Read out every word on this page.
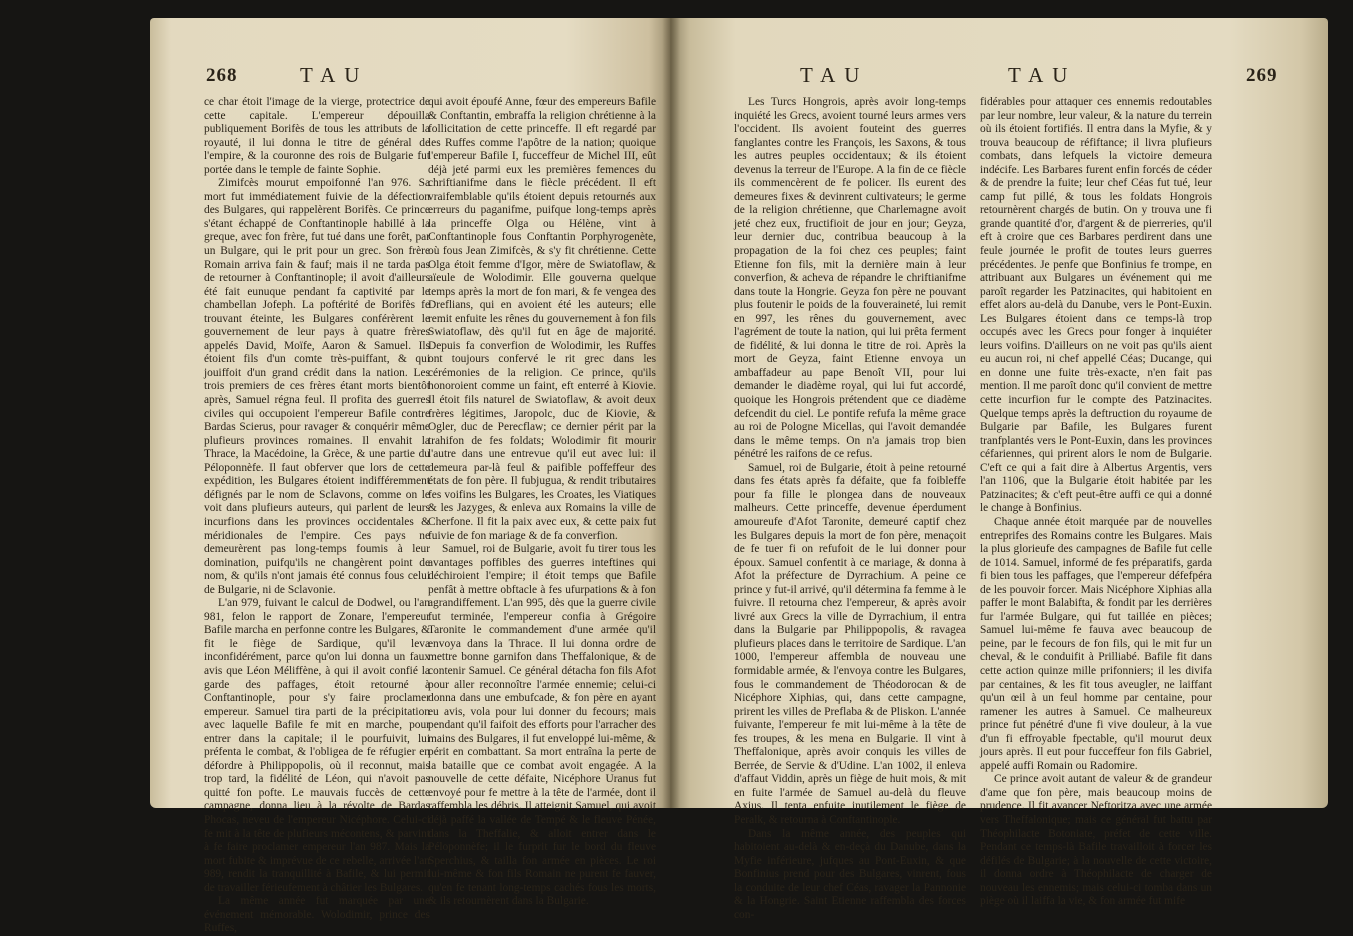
268	TAU

ce char étoit l'image de la vierge, protectrice de cette capitale. L'empereur dépouilla publiquement Borifès de tous les attributs de la royauté, il lui donna le titre de général de l'empire, & la couronne des rois de Bulgarie fut portée dans le temple de fainte Sophie.

Zimifcès mourut empoifonné l'an 976. Sa mort fut immédiatement fuivie de la défection des Bulgares, qui rappelèrent Borifès. Ce prince s'étant échappé de Conftantinople habillé à la greque, avec fon frère, fut tué dans une forêt, par un Bulgare, qui le prit pour un grec. Son frère Romain arriva fain & fauf; mais il ne tarda pas de retourner à Conftantinople; il avoit d'ailleurs été fait eunuque pendant fa captivité par le chambellan Jofeph. La poftérité de Borifès fe trouvant éteinte, les Bulgares conférèrent le gouvernement de leur pays à quatre frères appelés David, Moïfe, Aaron & Samuel. Ils étoient fils d'un comte très-puiffant, & qui jouiffoit d'un grand crédit dans la nation. Les trois premiers de ces frères étant morts bientôt après, Samuel régna feul. Il profita des guerres civiles qui occupoient l'empereur Bafile contre Bardas Scierus, pour ravager & conquérir même plufieurs provinces romaines. Il envahit la Thrace, la Macédoine, la Grèce, & une partie du Péloponnèfe. Il faut obferver que lors de cette expédition, les Bulgares étoient indifféremment défignés par le nom de Sclavons, comme on le voit dans plufieurs auteurs, qui parlent de leurs incurfions dans les provinces occidentales & méridionales de l'empire. Ces pays ne demeurèrent pas long-temps foumis à leur domination, puifqu'ils ne changèrent point de nom, & qu'ils n'ont jamais été connus fous celui de Bulgarie, ni de Sclavonie.

L'an 979, fuivant le calcul de Dodwel, ou l'an 981, felon le rapport de Zonare, l'empereur Bafile marcha en perfonne contre les Bulgares, & fit le fiège de Sardique, qu'il leva inconfidérément, parce qu'on lui donna un faux avis que Léon Méliffène, à qui il avoit confié la garde des paffages, étoit retourné à Conftantinople, pour s'y faire proclamer empereur. Samuel tira parti de la précipitation avec laquelle Bafile fe mit en marche, pour entrer dans la capitale; il le pourfuivit, lui préfenta le combat, & l'obligea de fe réfugier en défordre à Philippopolis, où il reconnut, mais trop tard, la fidélité de Léon, qui n'avoit pas quitté fon pofte. Le mauvais fuccès de cette campagne, donna lieu à la révolte de Bardas Phocas, neveu de l'empereur Nicéphore. Celui-ci fe mit à la tête de plufieurs mécontens, & parvint à fe faire proclamer empereur l'an 987. Mais la mort fubite & imprévue de ce rebelle, arrivée l'an 989, rendit la tranquillité à Bafile, & lui permit de travailler férieufement à châtier les Bulgares.

La même année fut marquée par une événement mémorable. Wolodimir, prince des Ruffes,

qui avoit époufé Anne, fœur des empereurs Bafile & Conftantin, embraffa la religion chrétienne à la follicitation de cette princeffe. Il eft regardé par les Ruffes comme l'apôtre de la nation; quoique l'empereur Bafile I, fucceffeur de Michel III, eût déjà jeté parmi eux les premières femences du chriftianifme dans le fiècle précédent. Il eft vraifemblable qu'ils étoient depuis retournés aux erreurs du paganifme, puifque long-temps après la princeffe Olga ou Hélène, vint à Conftantinople fous Conftantin Porphyrogenète, où fous Jean Zimifcès, & s'y fit chrétienne. Cette Olga étoit femme d'Igor, mère de Swiatoflaw, & aïeule de Wolodimir. Elle gouverna quelque temps après la mort de fon mari, & fe vengea des Dreflians, qui en avoient été les auteurs; elle remit enfuite les rênes du gouvernement à fon fils Swiatoflaw, dès qu'il fut en âge de majorité. Depuis fa converfion de Wolodimir, les Ruffes ont toujours confervé le rit grec dans les cérémonies de la religion. Ce prince, qu'ils honoroient comme un faint, eft enterré à Kiovie. Il étoit fils naturel de Swiatoflaw, & avoit deux frères légitimes, Jaropolc, duc de Kiovie, & Ogler, duc de Perecflaw; ce dernier périt par la trahifon de fes foldats; Wolodimir fit mourir l'autre dans une entrevue qu'il eut avec lui: il demeura par-là feul & paifible poffeffeur des états de fon père. Il fubjugua, & rendit tributaires fes voifins les Bulgares, les Croates, les Viatiques & les Jazyges, & enleva aux Romains la ville de Cherfone. Il fit la paix avec eux, & cette paix fut fuivie de fon mariage & de fa converfion.

Samuel, roi de Bulgarie, avoit fu tirer tous les avantages poffibles des guerres inteftines qui déchiroient l'empire; il étoit temps que Bafile penfât à mettre obftacle à fes ufurpations & à fon agrandiffement. L'an 995, dès que la guerre civile fut terminée, l'empereur confia à Grégoire Taronite le commandement d'une armée qu'il envoya dans la Thrace. Il lui donna ordre de mettre bonne garnifon dans Theffalonique, & de contenir Samuel. Ce général détacha fon fils Afot pour aller reconnoître l'armée ennemie; celui-ci donna dans une embufcade, & fon père en ayant eu avis, vola pour lui donner du fecours; mais pendant qu'il faifoit des efforts pour l'arracher des mains des Bulgares, il fut enveloppé lui-même, & périt en combattant. Sa mort entraîna la perte de la bataille que ce combat avoit engagée. A la nouvelle de cette défaite, Nicéphore Uranus fut envoyé pour fe mettre à la tête de l'armée, dont il raffembla les débris. Il atteignit Samuel, qui avoit déjà paffé la vallée de Tempé & le fleuve Pénée, dans la Theffalie, & alloit entrer dans le Péloponnèfe; il le furprit fur le bord du fleuve Sperchius, & tailla fon armée en pièces. Le roi lui-même & fon fils Romain ne purent fe fauver, qu'en fe tenant long-temps cachés fous les morts, & ils retournèrent dans la Bulgarie.

TAU	TAU	269

Les Turcs Hongrois, après avoir long-temps inquiété les Grecs, avoient tourné leurs armes vers l'occident. Ils avoient fouteint des guerres fanglantes contre les François, les Saxons, & tous les autres peuples occidentaux; & ils étoient devenus la terreur de l'Europe. A la fin de ce fiècle ils commencèrent de fe policer. Ils eurent des demeures fixes & devinrent cultivateurs; le germe de la religion chrétienne, que Charlemagne avoit jeté chez eux, fructifioit de jour en jour; Geyza, leur dernier duc, contribua beaucoup à la propagation de la foi chez ces peuples; faint Etienne fon fils, mit la dernière main à leur converfion, & acheva de répandre le chriftianifme dans toute la Hongrie. Geyza fon père ne pouvant plus foutenir le poids de la fouveraineté, lui remit en 997, les rênes du gouvernement, avec l'agrément de toute la nation, qui lui prêta ferment de fidélité, & lui donna le titre de roi. Après la mort de Geyza, faint Etienne envoya un ambaffadeur au pape Benoît VII, pour lui demander le diadème royal, qui lui fut accordé, quoique les Hongrois prétendent que ce diadème defcendit du ciel. Le pontife refufa la même grace au roi de Pologne Micellas, qui l'avoit demandée dans le même temps. On n'a jamais trop bien pénétré les raifons de ce refus.

Samuel, roi de Bulgarie, étoit à peine retourné dans fes états après fa défaite, que fa foibleffe pour fa fille le plongea dans de nouveaux malheurs. Cette princeffe, devenue éperdument amoureufe d'Afot Taronite, demeuré captif chez les Bulgares depuis la mort de fon père, menaçoit de fe tuer fi on refufoit de le lui donner pour époux. Samuel confentit à ce mariage, & donna à Afot la préfecture de Dyrrachium. A peine ce prince y fut-il arrivé, qu'il détermina fa femme à le fuivre. Il retourna chez l'empereur, & après avoir livré aux Grecs la ville de Dyrrachium, il entra dans la Bulgarie par Philippopolis, & ravagea plufieurs places dans le territoire de Sardique. L'an 1000, l'empereur affembla de nouveau une formidable armée, & l'envoya contre les Bulgares, fous le commandement de Théodorocan & de Nicéphore Xiphias, qui, dans cette campagne, prirent les villes de Preflaba & de Pliskon. L'année fuivante, l'empereur fe mit lui-même à la tête de fes troupes, & les mena en Bulgarie. Il vint à Theffalonique, après avoir conquis les villes de Berrée, de Servie & d'Udine. L'an 1002, il enleva d'affaut Viddin, après un fiège de huit mois, & mit en fuite l'armée de Samuel au-delà du fleuve Axius. Il tenta enfuite inutilement le fiège de Peralk, & retourna à Conftantinople.

Dans la même année, des peuples qui habitoient au-delà & en-deçà du Danube, dans la Myfie inférieure, jufques au Pont-Euxin, & que Bonfinius prend pour des Bulgares, vinrent, fous la conduite de leur chef Céas, ravager la Pannonie & la Hongrie. Saint Etienne raffembla des forces con-

fidérables pour attaquer ces ennemis redoutables par leur nombre, leur valeur, & la nature du terrein où ils étoient fortifiés. Il entra dans la Myfie, & y trouva beaucoup de réfiftance; il livra plufieurs combats, dans lefquels la victoire demeura indécife. Les Barbares furent enfin forcés de céder & de prendre la fuite; leur chef Céas fut tué, leur camp fut pillé, & tous les foldats Hongrois retournèrent chargés de butin. On y trouva une fi grande quantité d'or, d'argent & de pierreries, qu'il eft à croire que ces Barbares perdirent dans une feule journée le profit de toutes leurs guerres précédentes. Je penfe que Bonfinius fe trompe, en attribuant aux Bulgares un événement qui me paroît regarder les Patzinacites, qui habitoient en effet alors au-delà du Danube, vers le Pont-Euxin. Les Bulgares étoient dans ce temps-là trop occupés avec les Grecs pour fonger à inquiéter leurs voifins. D'ailleurs on ne voit pas qu'ils aient eu aucun roi, ni chef appellé Céas; Ducange, qui en donne une fuite très-exacte, n'en fait pas mention. Il me paroît donc qu'il convient de mettre cette incurfion fur le compte des Patzinacites. Quelque temps après la deftruction du royaume de Bulgarie par Bafile, les Bulgares furent tranfplantés vers le Pont-Euxin, dans les provinces céfariennes, qui prirent alors le nom de Bulgarie. C'eft ce qui a fait dire à Albertus Argentis, vers l'an 1106, que la Bulgarie étoit habitée par les Patzinacites; & c'eft peut-être auffi ce qui a donné le change à Bonfinius.

Chaque année étoit marquée par de nouvelles entreprifes des Romains contre les Bulgares. Mais la plus glorieufe des campagnes de Bafile fut celle de 1014. Samuel, informé de fes préparatifs, garda fi bien tous les paffages, que l'empereur défefpéra de les pouvoir forcer. Mais Nicéphore Xiphias alla paffer le mont Balabifta, & fondit par les derrières fur l'armée Bulgare, qui fut taillée en pièces; Samuel lui-même fe fauva avec beaucoup de peine, par le fecours de fon fils, qui le mit fur un cheval, & le conduifit à Prilliabé. Bafile fit dans cette action quinze mille prifonniers; il les divifa par centaines, & les fit tous aveugler, ne laiffant qu'un œil à un feul homme par centaine, pour ramener les autres à Samuel. Ce malheureux prince fut pénétré d'une fi vive douleur, à la vue d'un fi effroyable fpectable, qu'il mourut deux jours après. Il eut pour fucceffeur fon fils Gabriel, appelé auffi Romain ou Radomire.

Ce prince avoit autant de valeur & de grandeur d'ame que fon père, mais beaucoup moins de prudence. Il fit avancer Neftoritza avec une armée vers Theffalonique; mais ce général fut battu par Théophilacte Botoniate, préfet de cette ville. Pendant ce temps-là Bafile travailloit à forcer les défilés de Bulgarie; à la nouvelle de cette victoire, il donna ordre à Théophilacte de charger de nouveau les ennemis; mais celui-ci tomba dans un piège où il laiffa la vie, & fon armée fut mife
